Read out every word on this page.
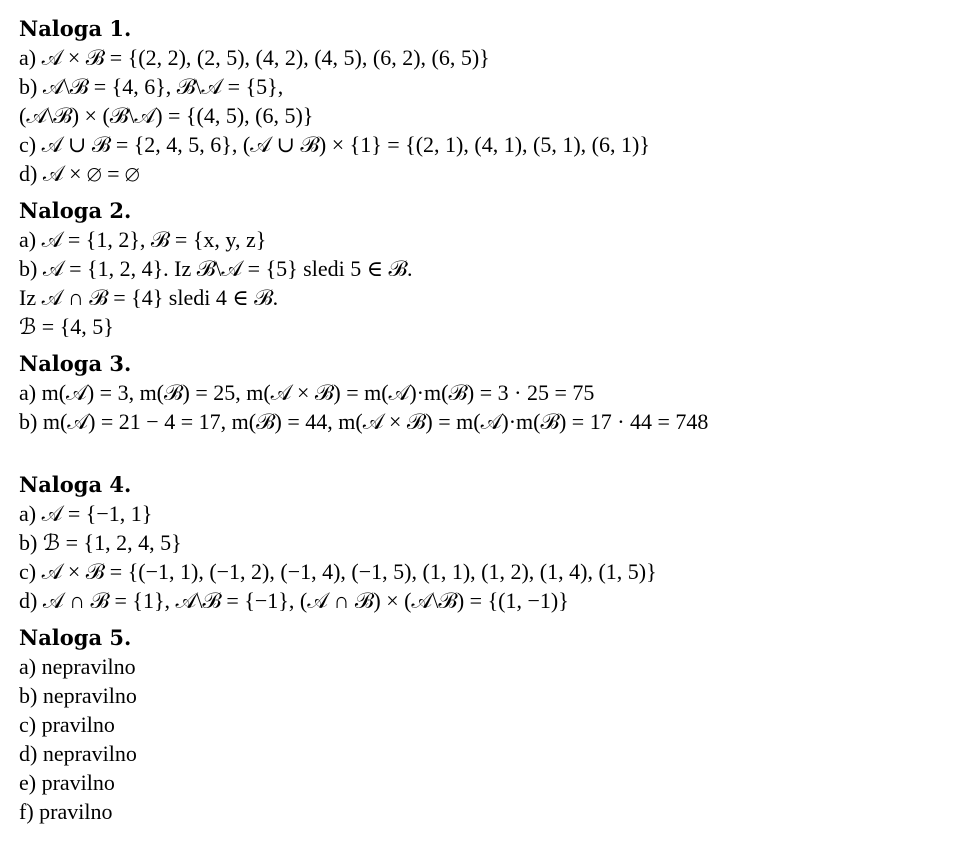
Naloga 1.
a) 𝒜 × ℬ = {(2, 2), (2, 5), (4, 2), (4, 5), (6, 2), (6, 5)}
b) 𝒜\ℬ = {4, 6}, ℬ\𝒜 = {5},
(𝒜\ℬ) × (ℬ\𝒜) = {(4, 5), (6, 5)}
c) 𝒜 ∪ ℬ = {2, 4, 5, 6}, (𝒜 ∪ ℬ) × {1} = {(2, 1), (4, 1), (5, 1), (6, 1)}
d) 𝒜 × ∅ = ∅
Naloga 2.
a) 𝒜 = {1, 2}, ℬ = {x, y, z}
b) 𝒜 = {1, 2, 4}. Iz ℬ\𝒜 = {5} sledi 5 ∈ ℬ.
Iz 𝒜 ∩ ℬ = {4} sledi 4 ∈ ℬ.
ℬ = {4, 5}
Naloga 3.
a) m(𝒜) = 3, m(ℬ) = 25, m(𝒜 × ℬ) = m(𝒜)·m(ℬ) = 3 · 25 = 75
b) m(𝒜) = 21 − 4 = 17, m(ℬ) = 44, m(𝒜 × ℬ) = m(𝒜)·m(ℬ) = 17 · 44 = 748
Naloga 4.
a) 𝒜 = {−1, 1}
b) ℬ = {1, 2, 4, 5}
c) 𝒜 × ℬ = {(−1, 1), (−1, 2), (−1, 4), (−1, 5), (1, 1), (1, 2), (1, 4), (1, 5)}
d) 𝒜 ∩ ℬ = {1}, 𝒜\ℬ = {−1}, (𝒜 ∩ ℬ) × (𝒜\ℬ) = {(1, −1)}
Naloga 5.
a) nepravilno
b) nepravilno
c) pravilno
d) nepravilno
e) pravilno
f) pravilno
